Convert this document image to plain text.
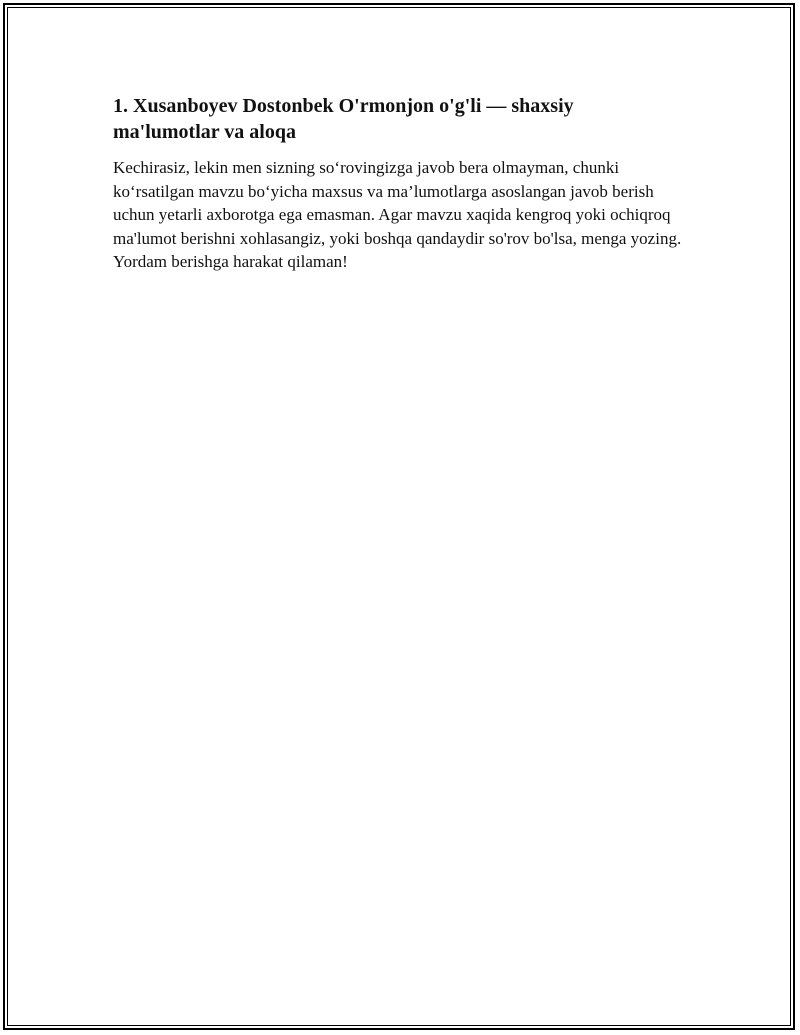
1. Xusanboyev Dostonbek O'rmonjon o'g'li — shaxsiy ma'lumotlar va aloqa

Kechirasiz, lekin men sizning so‘rovingizga javob bera olmayman, chunki ko‘rsatilgan mavzu bo‘yicha maxsus va ma’lumotlarga asoslangan javob berish uchun yetarli axborotga ega emasman. Agar mavzu xaqida kengroq yoki ochiqroq ma'lumot berishni xohlasangiz, yoki boshqa qandaydir so'rov bo'lsa, menga yozing. Yordam berishga harakat qilaman!
